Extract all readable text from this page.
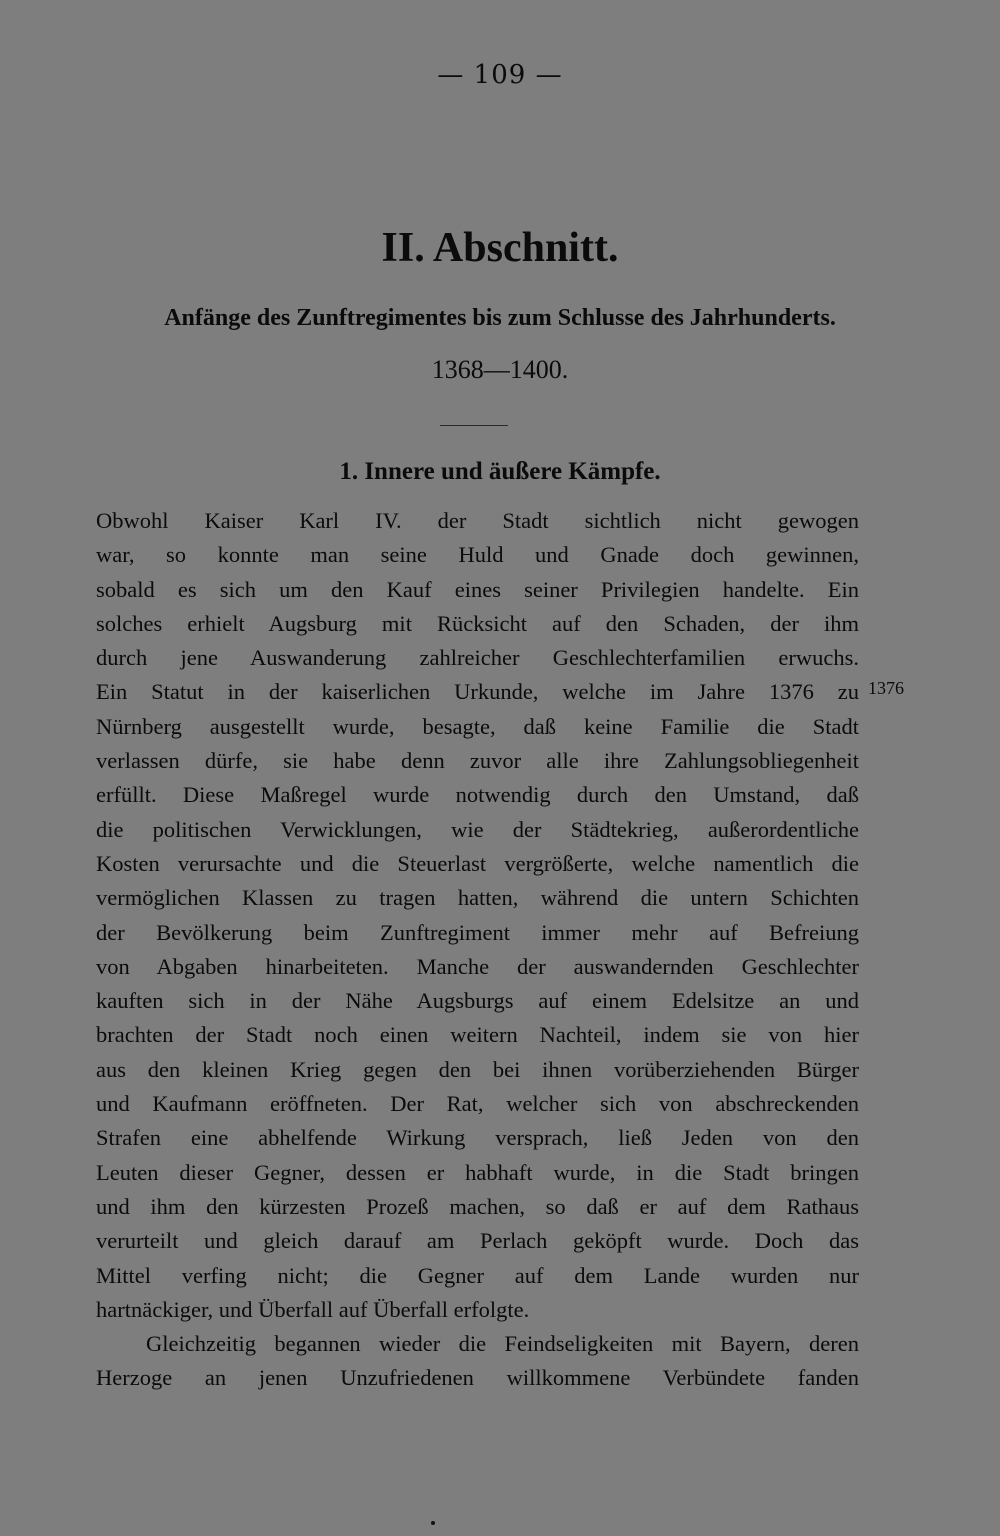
— 109 —
II. Abschnitt.
Anfänge des Zunftregimentes bis zum Schlusse des Jahrhunderts.
1368—1400.
1. Innere und äußere Kämpfe.
Obwohl Kaiser Karl IV. der Stadt sichtlich nicht gewogen
war, so konnte man seine Huld und Gnade doch gewinnen,
sobald es sich um den Kauf eines seiner Privilegien handelte. Ein
solches erhielt Augsburg mit Rücksicht auf den Schaden, der ihm
durch jene Auswanderung zahlreicher Geschlechterfamilien erwuchs.
Ein Statut in der kaiserlichen Urkunde, welche im Jahre 1376 zu
Nürnberg ausgestellt wurde, besagte, daß keine Familie die Stadt
verlassen dürfe, sie habe denn zuvor alle ihre Zahlungsobliegenheit
erfüllt. Diese Maßregel wurde notwendig durch den Umstand, daß
die politischen Verwicklungen, wie der Städtekrieg, außerordentliche
Kosten verursachte und die Steuerlast vergrößerte, welche namentlich die
vermöglichen Klassen zu tragen hatten, während die untern Schichten
der Bevölkerung beim Zunftregiment immer mehr auf Befreiung
von Abgaben hinarbeiteten. Manche der auswandernden Geschlechter
kauften sich in der Nähe Augsburgs auf einem Edelsitze an und
brachten der Stadt noch einen weitern Nachteil, indem sie von hier
aus den kleinen Krieg gegen den bei ihnen vorüberziehenden Bürger
und Kaufmann eröffneten. Der Rat, welcher sich von abschreckenden
Strafen eine abhelfende Wirkung versprach, ließ Jeden von den
Leuten dieser Gegner, dessen er habhaft wurde, in die Stadt bringen
und ihm den kürzesten Prozeß machen, so daß er auf dem Rathaus
verurteilt und gleich darauf am Perlach geköpft wurde. Doch das
Mittel verfing nicht; die Gegner auf dem Lande wurden nur
hartnäckiger, und Überfall auf Überfall erfolgte.
Gleichzeitig begannen wieder die Feindseligkeiten mit Bayern, deren
Herzoge an jenen Unzufriedenen willkommene Verbündete fanden
1376
